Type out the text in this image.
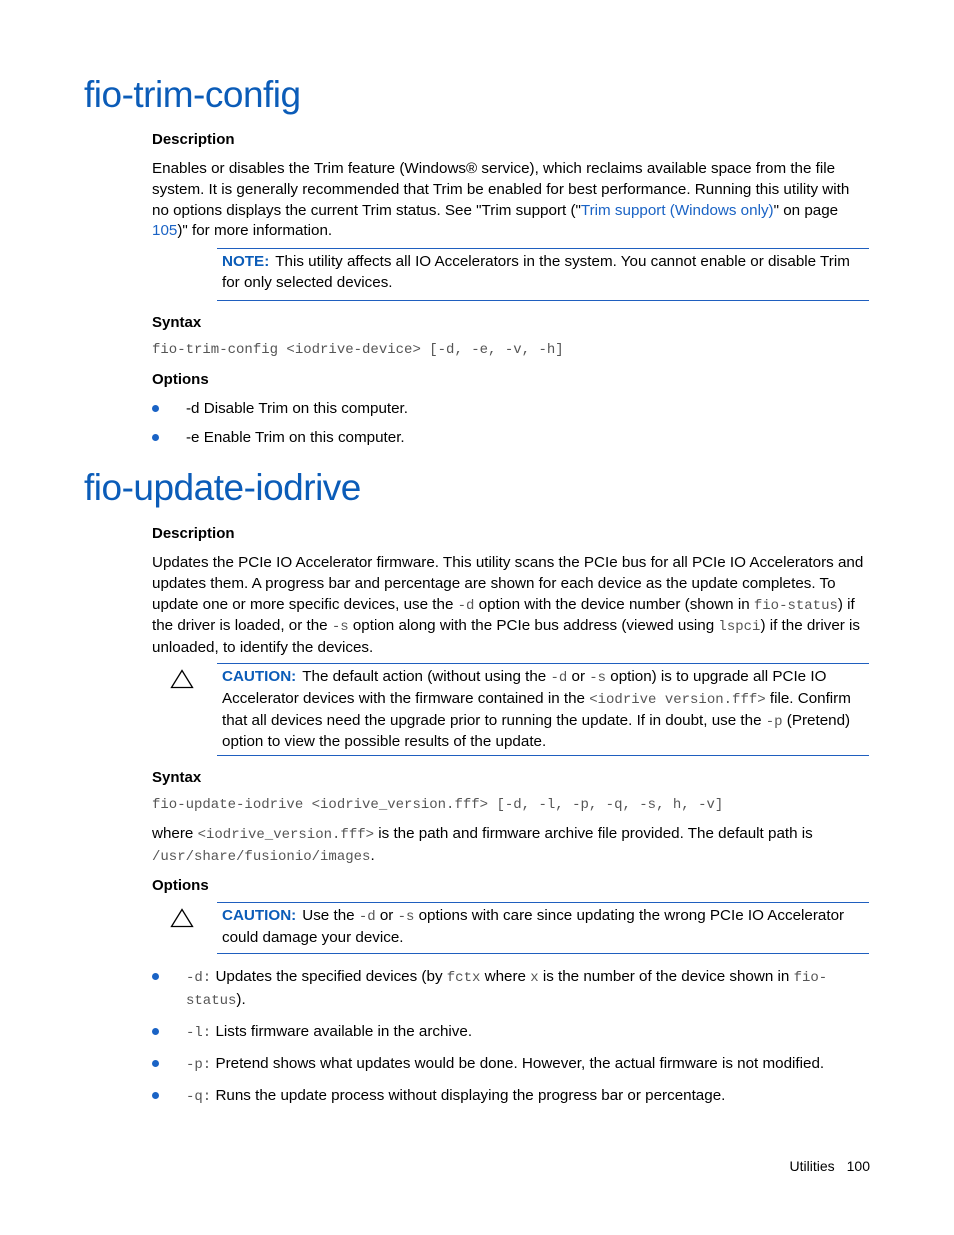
fio-trim-config
Description

Enables or disables the Trim feature (Windows® service), which reclaims available space from the file system. It is generally recommended that Trim be enabled for best performance. Running this utility with no options displays the current Trim status. See "Trim support ("Trim support (Windows only)" on page 105)" for more information.

NOTE: This utility affects all IO Accelerators in the system. You cannot enable or disable Trim for only selected devices.
Syntax
fio-trim-config <iodrive-device> [-d, -e, -v, -h]
Options
-d Disable Trim on this computer.
-e Enable Trim on this computer.
fio-update-iodrive
Description

Updates the PCIe IO Accelerator firmware. This utility scans the PCIe bus for all PCIe IO Accelerators and updates them. A progress bar and percentage are shown for each device as the update completes. To update one or more specific devices, use the -d option with the device number (shown in fio-status) if the driver is loaded, or the -s option along with the PCIe bus address (viewed using lspci) if the driver is unloaded, to identify the devices.

CAUTION: The default action (without using the -d or -s option) is to upgrade all PCIe IO Accelerator devices with the firmware contained in the <iodrive version.fff> file. Confirm that all devices need the upgrade prior to running the update. If in doubt, use the -p (Pretend) option to view the possible results of the update.
Syntax
fio-update-iodrive <iodrive_version.fff> [-d, -l, -p, -q, -s, h, -v]

where <iodrive_version.fff> is the path and firmware archive file provided. The default path is /usr/share/fusionio/images.

Options
CAUTION: Use the -d or -s options with care since updating the wrong PCIe IO Accelerator could damage your device.
-d: Updates the specified devices (by fctx where x is the number of the device shown in fio-status).
-l: Lists firmware available in the archive.
-p: Pretend shows what updates would be done. However, the actual firmware is not modified.
-q: Runs the update process without displaying the progress bar or percentage.
Utilities 100
